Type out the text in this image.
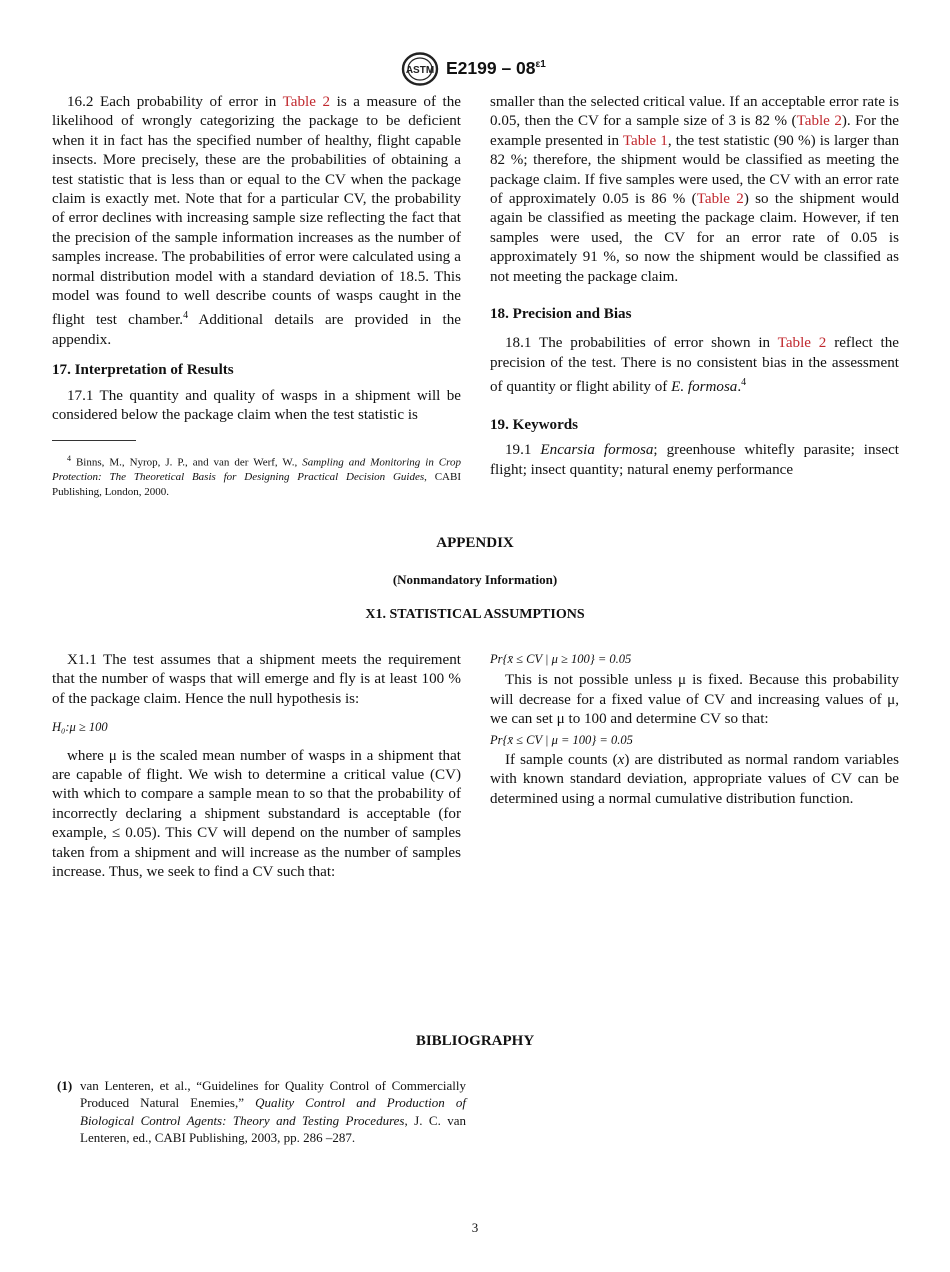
ASTM $E2199 - 08^{\varepsilon 1}$

16.2 Each probability of error in Table 2 is a measure of the likelihood of wrongly categorizing the package to be deficient when it in fact has the specified number of healthy, flight capable insects. More precisely, these are the probabilities of obtaining a test statistic that is less than or equal to the CV when the package claim is exactly met. Note that for a particular CV, the probability of error declines with increasing sample size reflecting the fact that the precision of the sample information increases as the number of samples increase. The probabilities of error were calculated using a normal distribution model with a standard deviation of 18.5. This model was found to well describe counts of wasps caught in the flight test chamber.$^4$ Additional details are provided in the appendix.

17. Interpretation of Results

17.1 The quantity and quality of wasps in a shipment will be considered below the package claim when the test statistic is

$^4$ Binns, M., Nyrop, J. P., and van der Werf, W., Sampling and Monitoring in Crop Protection: The Theoretical Basis for Designing Practical Decision Guides, CABI Publishing, London, 2000.

smaller than the selected critical value. If an acceptable error rate is 0.05, then the CV for a sample size of 3 is 82 % (Table 2). For the example presented in Table 1, the test statistic (90 %) is larger than 82 %; therefore, the shipment would be classified as meeting the package claim. If five samples were used, the CV with an error rate of approximately 0.05 is 86 % (Table 2) so the shipment would again be classified as meeting the package claim. However, if ten samples were used, the CV for an error rate of 0.05 is approximately 91 %, so now the shipment would be classified as not meeting the package claim.

18. Precision and Bias

18.1 The probabilities of error shown in Table 2 reflect the precision of the test. There is no consistent bias in the assessment of quantity or flight ability of E. formosa.$^4$

19. Keywords

19.1 Encarsia formosa; greenhouse whitefly parasite; insect flight; insect quantity; natural enemy performance

APPENDIX
(Nonmandatory Information)
X1. STATISTICAL ASSUMPTIONS

X1.1 The test assumes that a shipment meets the requirement that the number of wasps that will emerge and fly is at least 100 % of the package claim. Hence the null hypothesis is:

H₀:μ ≥ 100

where μ is the scaled mean number of wasps in a shipment that are capable of flight. We wish to determine a critical value (CV) with which to compare a sample mean to so that the probability of incorrectly declaring a shipment substandard is acceptable (for example, ≤ 0.05). This CV will depend on the number of samples taken from a shipment and will increase as the number of samples increase. Thus, we seek to find a CV such that:

Pr{x̄ ≤ CV | μ ≥ 100} = 0.05

This is not possible unless μ is fixed. Because this probability will decrease for a fixed value of CV and increasing values of μ, we can set μ to 100 and determine CV so that:

Pr{x̄ ≤ CV | μ = 100} = 0.05

If sample counts (x) are distributed as normal random variables with known standard deviation, appropriate values of CV can be determined using a normal cumulative distribution function.

BIBLIOGRAPHY
(1) van Lenteren, et al., “Guidelines for Quality Control of Commercially Produced Natural Enemies,” Quality Control and Production of Biological Control Agents: Theory and Testing Procedures, J. C. van Lenteren, ed., CABI Publishing, 2003, pp. 286 –287.
3
